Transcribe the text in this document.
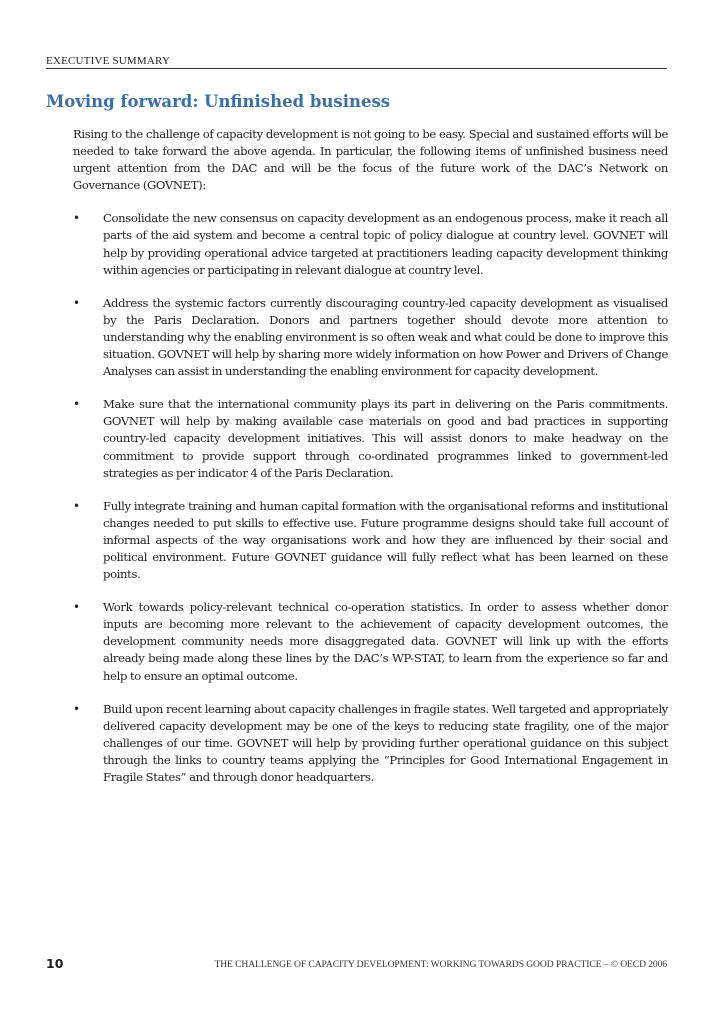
EXECUTIVE SUMMARY
Moving forward: Unfinished business

Rising to the challenge of capacity development is not going to be easy. Special and sustained efforts will be needed to take forward the above agenda. In particular, the following items of unfinished business need urgent attention from the DAC and will be the focus of the future work of the DAC’s Network on Governance (GOVNET):

• Consolidate the new consensus on capacity development as an endogenous process, make it reach all parts of the aid system and become a central topic of policy dialogue at country level. GOVNET will help by providing operational advice targeted at practitioners leading capacity development thinking within agencies or participating in relevant dialogue at country level.
• Address the systemic factors currently discouraging country-led capacity development as visualised by the Paris Declaration. Donors and partners together should devote more attention to understanding why the enabling environment is so often weak and what could be done to improve this situation. GOVNET will help by sharing more widely information on how Power and Drivers of Change Analyses can assist in understanding the enabling environment for capacity development.
• Make sure that the international community plays its part in delivering on the Paris commitments. GOVNET will help by making available case materials on good and bad practices in supporting country-led capacity development initiatives. This will assist donors to make headway on the commitment to provide support through co-ordinated programmes linked to government-led strategies as per indicator 4 of the Paris Declaration.
• Fully integrate training and human capital formation with the organisational reforms and institutional changes needed to put skills to effective use. Future programme designs should take full account of informal aspects of the way organisations work and how they are influenced by their social and political environment. Future GOVNET guidance will fully reflect what has been learned on these points.
• Work towards policy-relevant technical co-operation statistics. In order to assess whether donor inputs are becoming more relevant to the achievement of capacity development outcomes, the development community needs more disaggregated data. GOVNET will link up with the efforts already being made along these lines by the DAC’s WP-STAT, to learn from the experience so far and help to ensure an optimal outcome.
• Build upon recent learning about capacity challenges in fragile states. Well targeted and appropriately delivered capacity development may be one of the keys to reducing state fragility, one of the major challenges of our time. GOVNET will help by providing further operational guidance on this subject through the links to country teams applying the “Principles for Good International Engagement in Fragile States” and through donor headquarters.
10	THE CHALLENGE OF CAPACITY DEVELOPMENT: WORKING TOWARDS GOOD PRACTICE – © OECD 2006
